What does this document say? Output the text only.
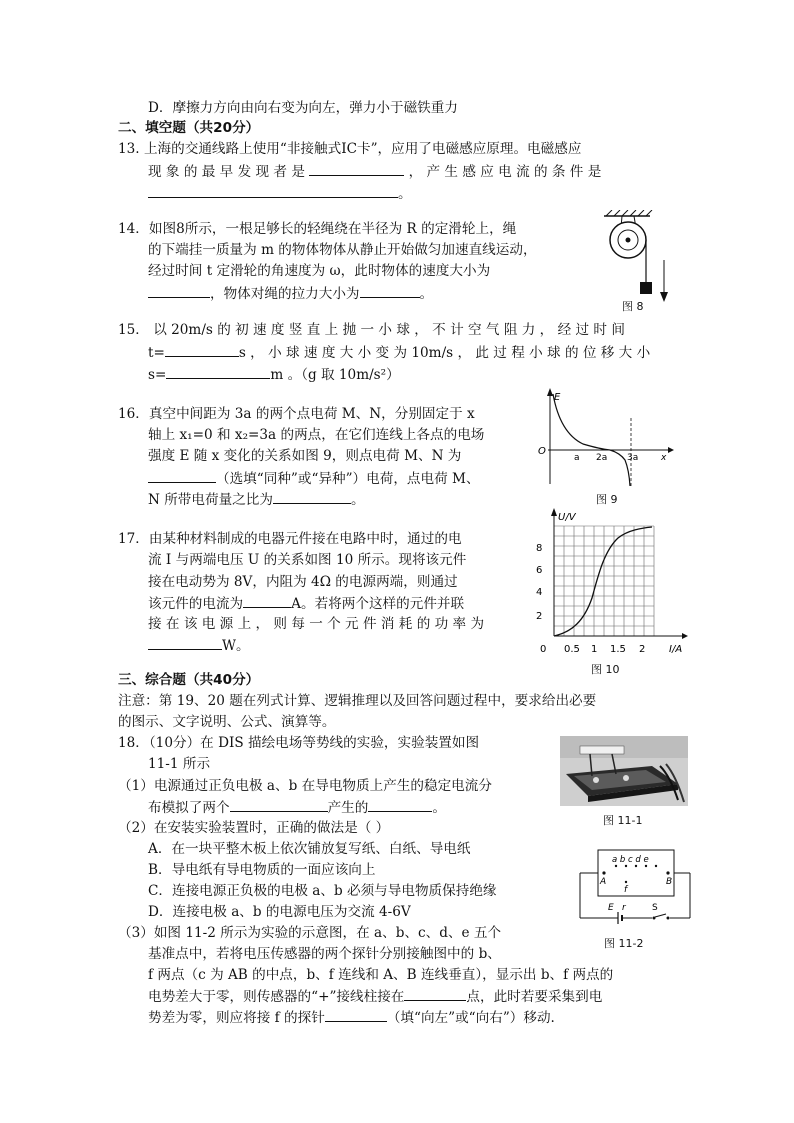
D．摩擦力方向由向右变为向左，弹力小于磁铁重力
二、填空题（共20分）
13. 上海的交通线路上使用“非接触式IC卡”，应用了电磁感应原理。电磁感应
现 象 的 最 早 发 现 者 是	， 产 生 感 应 电 流 的 条 件 是
。
14．如图8所示，一根足够长的轻绳绕在半径为 R 的定滑轮上，绳
的下端挂一质量为 m 的物体物体从静止开始做匀加速直线运动，
经过时间 t 定滑轮的角速度为 ω，此时物体的速度大小为
，物体对绳的拉力大小为	。
图 8
15． 以 20m/s 的 初 速 度 竖 直 上 抛 一 小 球 ， 不 计 空 气 阻 力 ， 经 过 时 间
t=	s ， 小 球 速 度 大 小 变 为 10m/s ， 此 过 程 小 球 的 位 移 大 小
s=	m 。（g 取 10m/s²）
16．真空中间距为 3a 的两个点电荷 M、N，分别固定于 x
轴上 x₁=0 和 x₂=3a 的两点，在它们连线上各点的电场
强度 E 随 x 变化的关系如图 9，则点电荷 M、N 为
（选填“同种”或“异种”）电荷，点电荷 M、
N 所带电荷量之比为	。
E
O
a 2a 3a	x
图 9
17．由某种材料制成的电器元件接在电路中时，通过的电
流 I 与两端电压 U 的关系如图 10 所示。现将该元件
接在电动势为 8V，内阻为 4Ω 的电源两端，则通过
该元件的电流为	A。若将两个这样的元件并联
接 在 该 电 源 上 ， 则 每 一 个 元 件 消 耗 的 功 率 为
W。
U/V
8
6
4
2
0 0.5 1 1.5 2 I/A
图 10
三、综合题（共40分）
注意：第 19、20 题在列式计算、逻辑推理以及回答问题过程中，要求给出必要
的图示、文字说明、公式、演算等。
18．（10分）在 DIS 描绘电场等势线的实验，实验装置如图
11-1 所示
（1）电源通过正负电极 a、b 在导电物质上产生的稳定电流分
布模拟了两个	产生的	。
（2）在安装实验装置时，正确的做法是（ ）
A．在一块平整木板上依次铺放复写纸、白纸、导电纸
B．导电纸有导电物质的一面应该向上
C．连接电源正负极的电极 a、b 必须与导电物质保持绝缘
D．连接电极 a、b 的电源电压为交流 4-6V
（3）如图 11-2 所示为实验的示意图，在 a、b、c、d、e 五个
基准点中，若将电压传感器的两个探针分别接触图中的 b、
f 两点（c 为 AB 的中点，b、f 连线和 A、B 连线垂直），显示出 b、f 两点的
电势差大于零，则传感器的“+”接线柱接在	点，此时若要采集到电
势差为零，则应将接 f 的探针	（填“向左”或“向右”）移动.
图 11-1
a b c d e
A	B
f
E r	S
图 11-2
